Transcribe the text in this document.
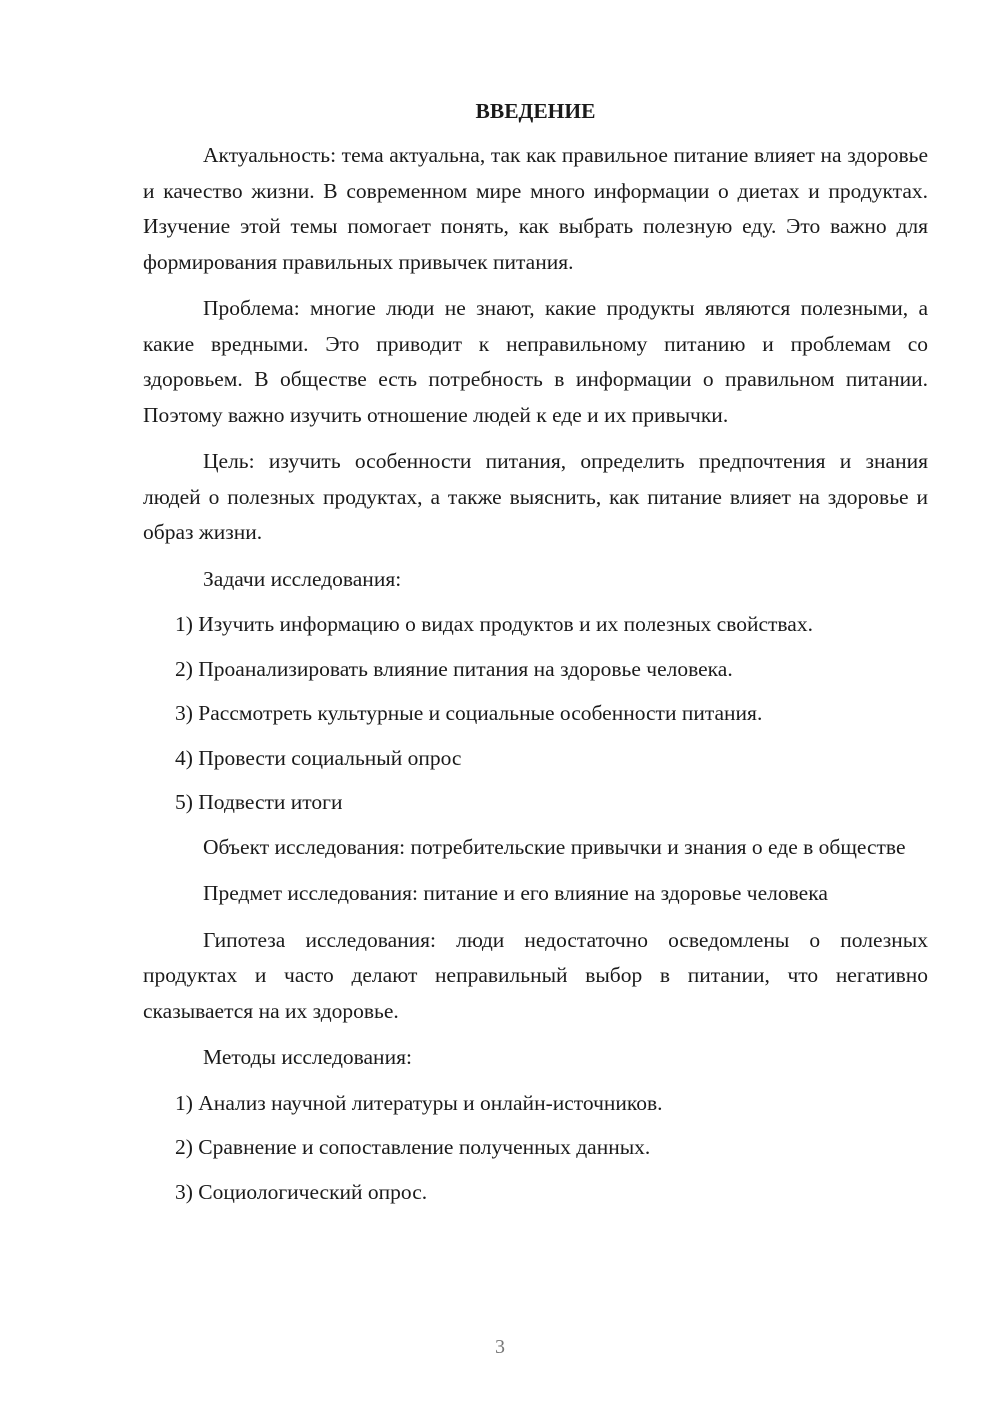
ВВЕДЕНИЕ
Актуальность: тема актуальна, так как правильное питание влияет на здоровье и качество жизни. В современном мире много информации о диетах и продуктах. Изучение этой темы помогает понять, как выбрать полезную еду. Это важно для формирования правильных привычек питания.
Проблема: многие люди не знают, какие продукты являются полезными, а какие вредными. Это приводит к неправильному питанию и проблемам со здоровьем. В обществе есть потребность в информации о правильном питании. Поэтому важно изучить отношение людей к еде и их привычки.
Цель: изучить особенности питания, определить предпочтения и знания людей о полезных продуктах, а также выяснить, как питание влияет на здоровье и образ жизни.
Задачи исследования:
1) Изучить информацию о видах продуктов и их полезных свойствах.
2) Проанализировать влияние питания на здоровье человека.
3) Рассмотреть культурные и социальные особенности питания.
4) Провести социальный опрос
5) Подвести итоги
Объект исследования: потребительские привычки и знания о еде в обществе
Предмет исследования: питание и его влияние на здоровье человека
Гипотеза исследования: люди недостаточно осведомлены о полезных продуктах и часто делают неправильный выбор в питании, что негативно сказывается на их здоровье.
Методы исследования:
1) Анализ научной литературы и онлайн-источников.
2) Сравнение и сопоставление полученных данных.
3) Социологический опрос.
3
